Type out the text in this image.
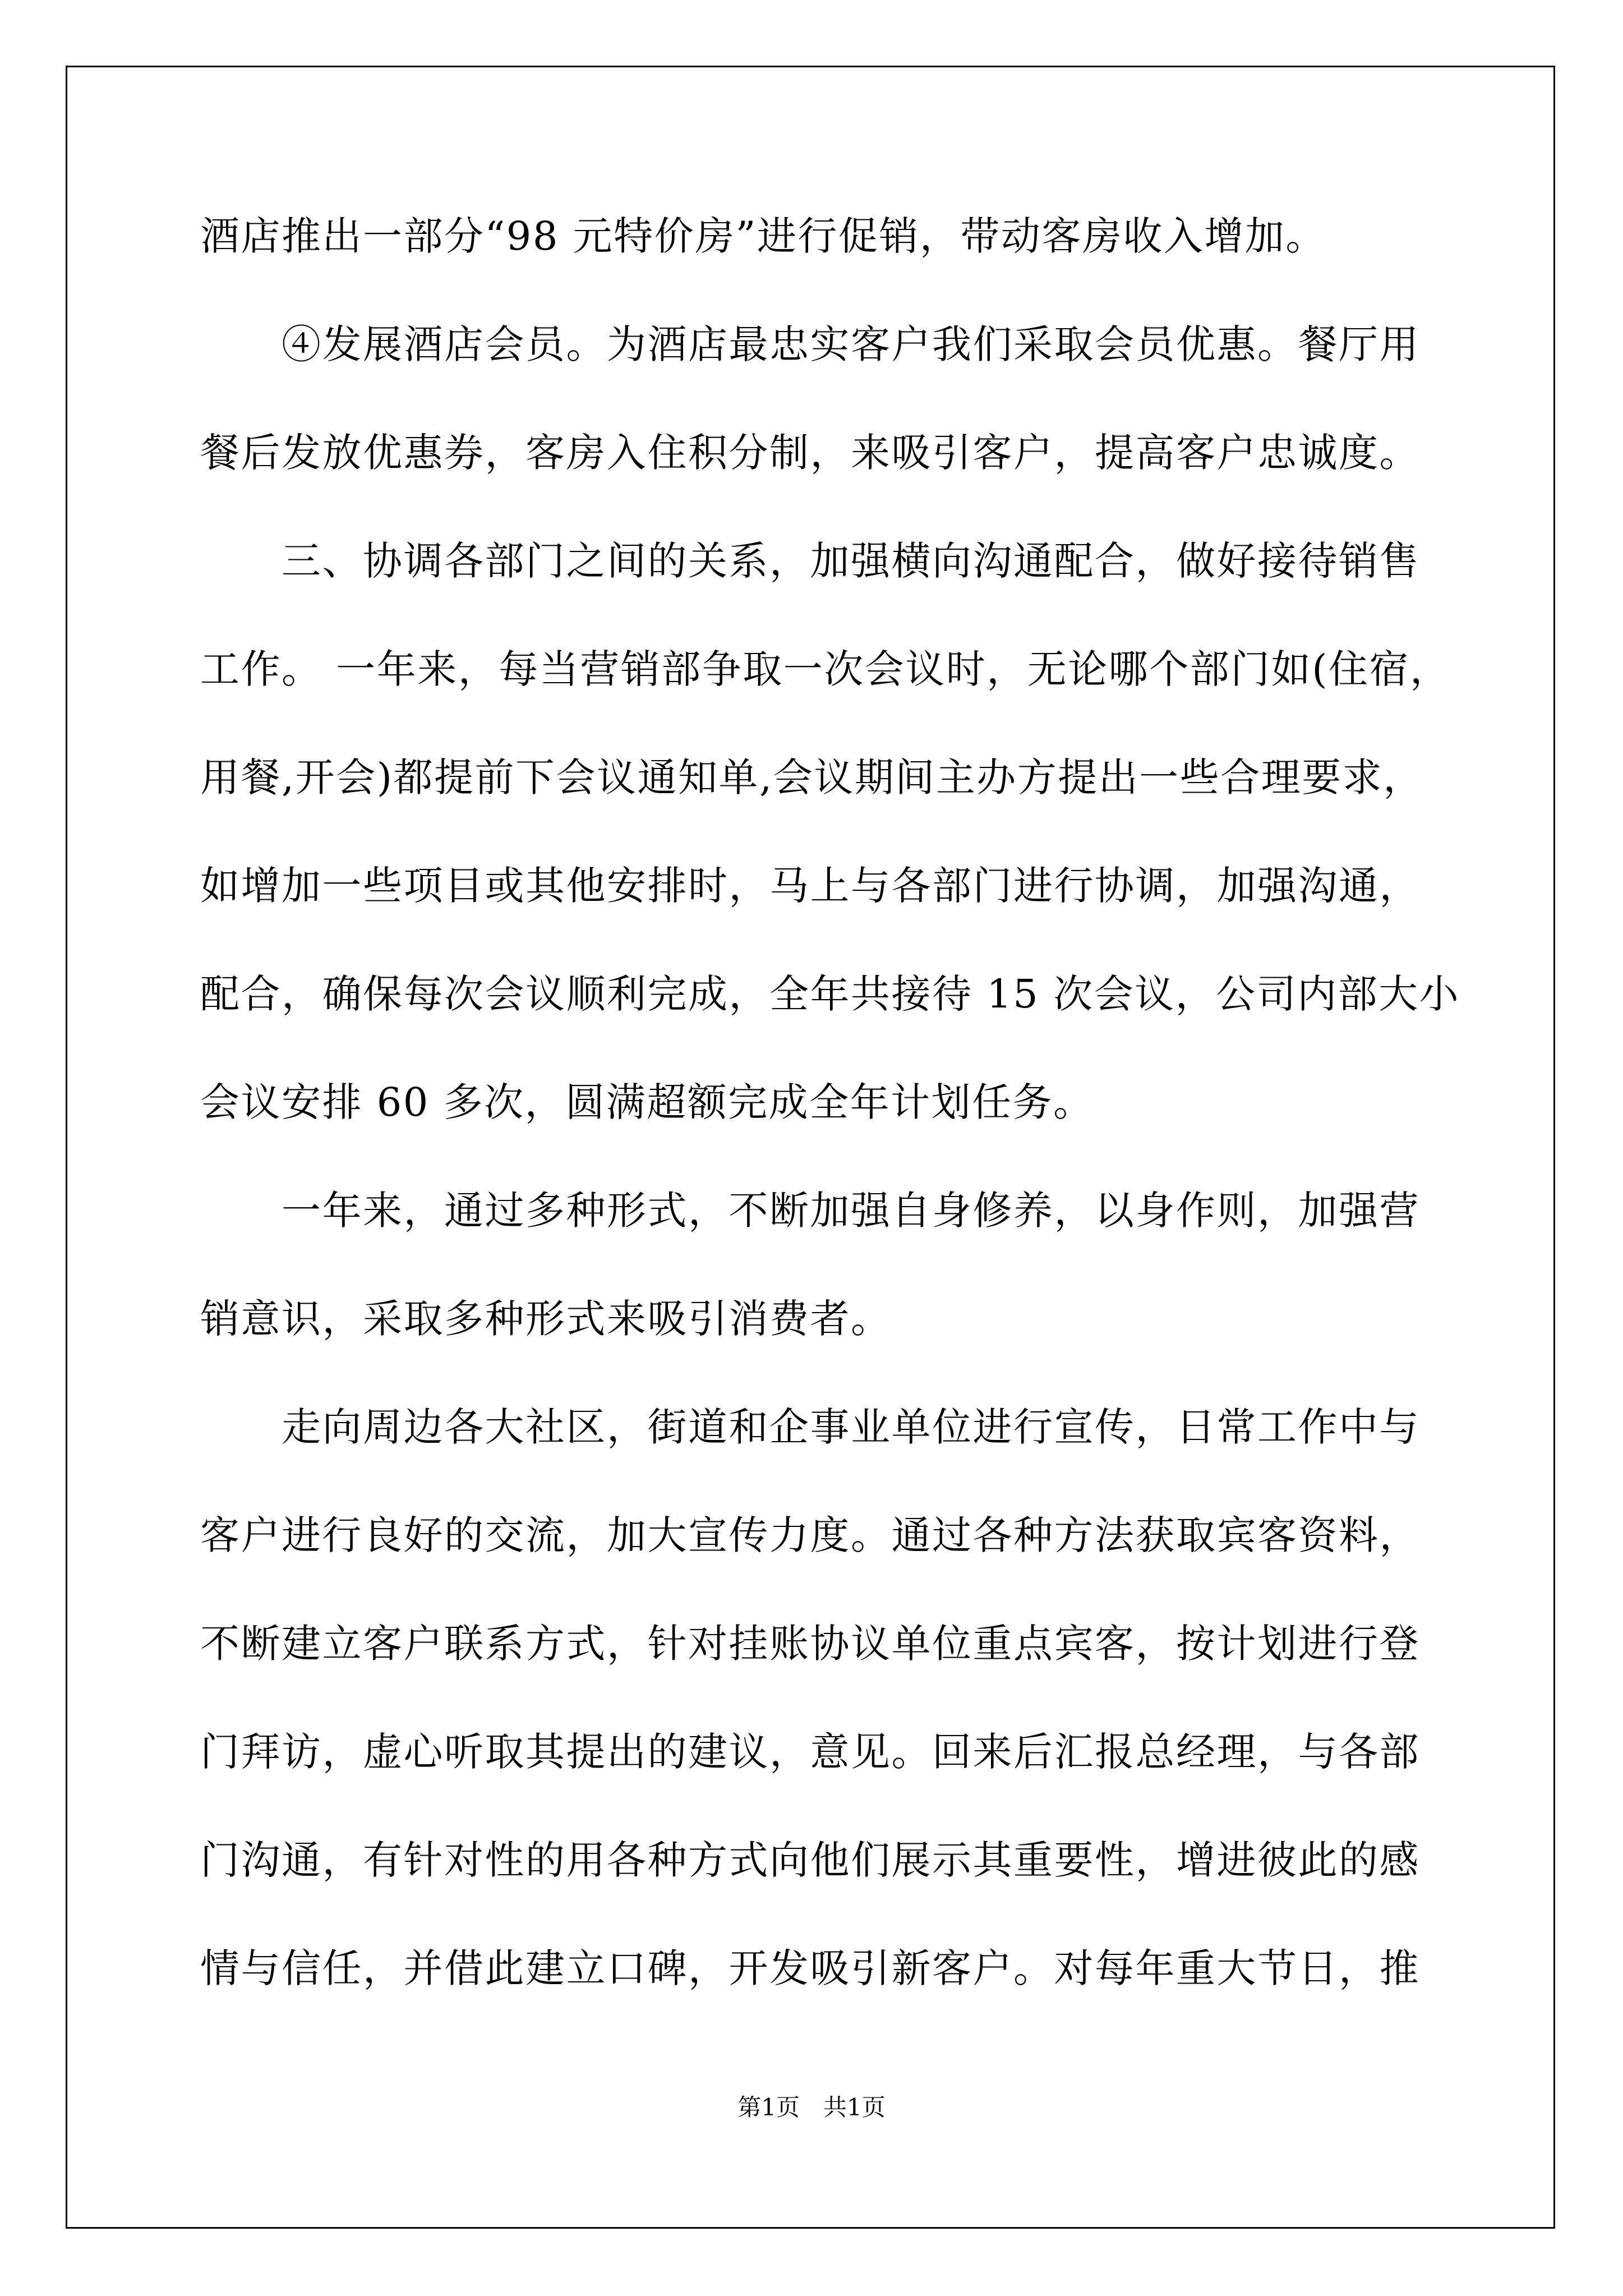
酒店推出一部分“98 元特价房”进行促销，带动客房收入增加。
　　④发展酒店会员。为酒店最忠实客户我们采取会员优惠。餐厅用
餐后发放优惠券，客房入住积分制，来吸引客户，提高客户忠诚度。
　　三、协调各部门之间的关系，加强横向沟通配合，做好接待销售
工作。 一年来，每当营销部争取一次会议时，无论哪个部门如(住宿，
用餐,开会)都提前下会议通知单,会议期间主办方提出一些合理要求，
如增加一些项目或其他安排时，马上与各部门进行协调，加强沟通，
配合，确保每次会议顺利完成，全年共接待 15 次会议，公司内部大小
会议安排 60 多次，圆满超额完成全年计划任务。
　　一年来，通过多种形式，不断加强自身修养，以身作则，加强营
销意识，采取多种形式来吸引消费者。
　　走向周边各大社区，街道和企事业单位进行宣传，日常工作中与
客户进行良好的交流，加大宣传力度。通过各种方法获取宾客资料，
不断建立客户联系方式，针对挂账协议单位重点宾客，按计划进行登
门拜访，虚心听取其提出的建议，意见。回来后汇报总经理，与各部
门沟通，有针对性的用各种方式向他们展示其重要性，增进彼此的感
情与信任，并借此建立口碑，开发吸引新客户。对每年重大节日，推
第1页　共1页
